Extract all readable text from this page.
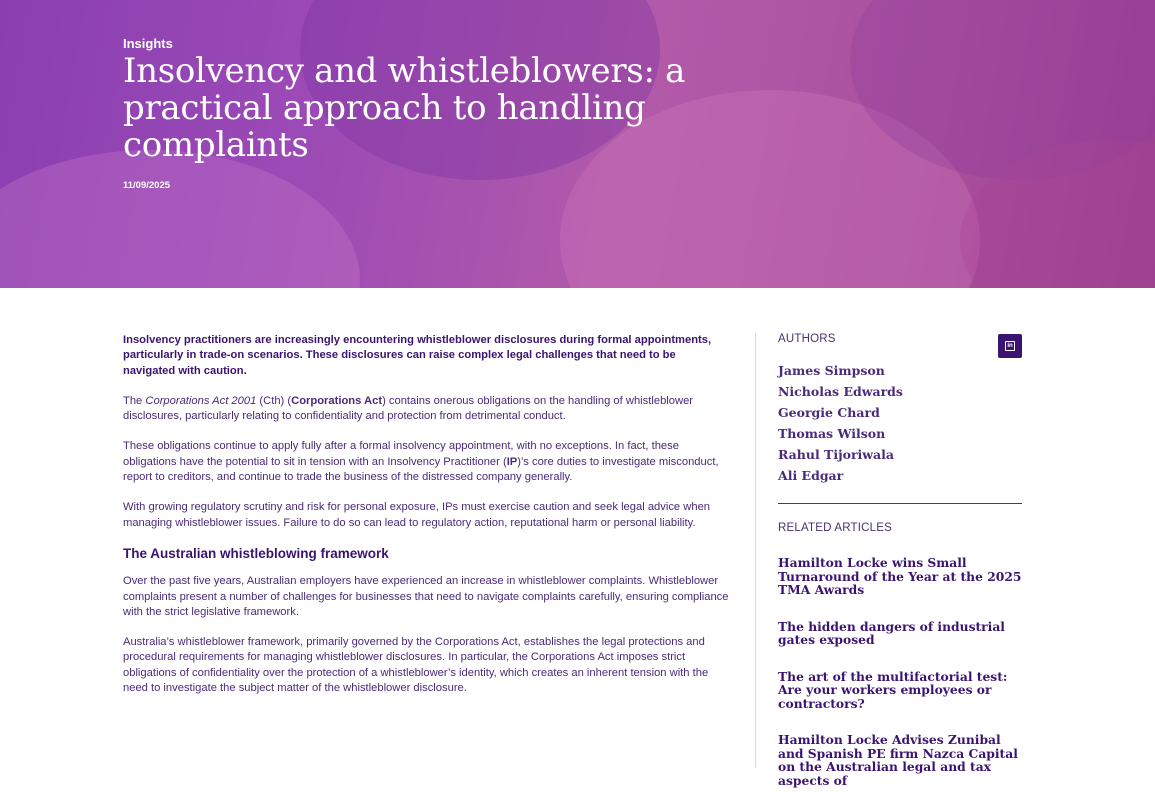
Insights
Insolvency and whistleblowers: a practical approach to handling complaints
11/09/2025

Insolvency practitioners are increasingly encountering whistleblower disclosures during formal appointments, particularly in trade-on scenarios. These disclosures can raise complex legal challenges that need to be navigated with caution.

The Corporations Act 2001 (Cth) (Corporations Act) contains onerous obligations on the handling of whistleblower disclosures, particularly relating to confidentiality and protection from detrimental conduct.

These obligations continue to apply fully after a formal insolvency appointment, with no exceptions. In fact, these obligations have the potential to sit in tension with an Insolvency Practitioner (IP)’s core duties to investigate misconduct, report to creditors, and continue to trade the business of the distressed company generally.

With growing regulatory scrutiny and risk for personal exposure, IPs must exercise caution and seek legal advice when managing whistleblower issues. Failure to do so can lead to regulatory action, reputational harm or personal liability.

The Australian whistleblowing framework

Over the past five years, Australian employers have experienced an increase in whistleblower complaints. Whistleblower complaints present a number of challenges for businesses that need to navigate complaints carefully, ensuring compliance with the strict legislative framework.

Australia’s whistleblower framework, primarily governed by the Corporations Act, establishes the legal protections and procedural requirements for managing whistleblower disclosures. In particular, the Corporations Act imposes strict obligations of confidentiality over the protection of a whistleblower’s identity, which creates an inherent tension with the need to investigate the subject matter of the whistleblower disclosure.

AUTHORS

in
James Simpson
Nicholas Edwards
Georgie Chard
Thomas Wilson
Rahul Tijoriwala
Ali Edgar

RELATED ARTICLES

Hamilton Locke wins Small Turnaround of the Year at the 2025 TMA Awards
The hidden dangers of industrial gates exposed
The art of the multifactorial test: Are your workers employees or contractors?
Hamilton Locke Advises Zunibal and Spanish PE firm Nazca Capital on the Australian legal and tax aspects of
